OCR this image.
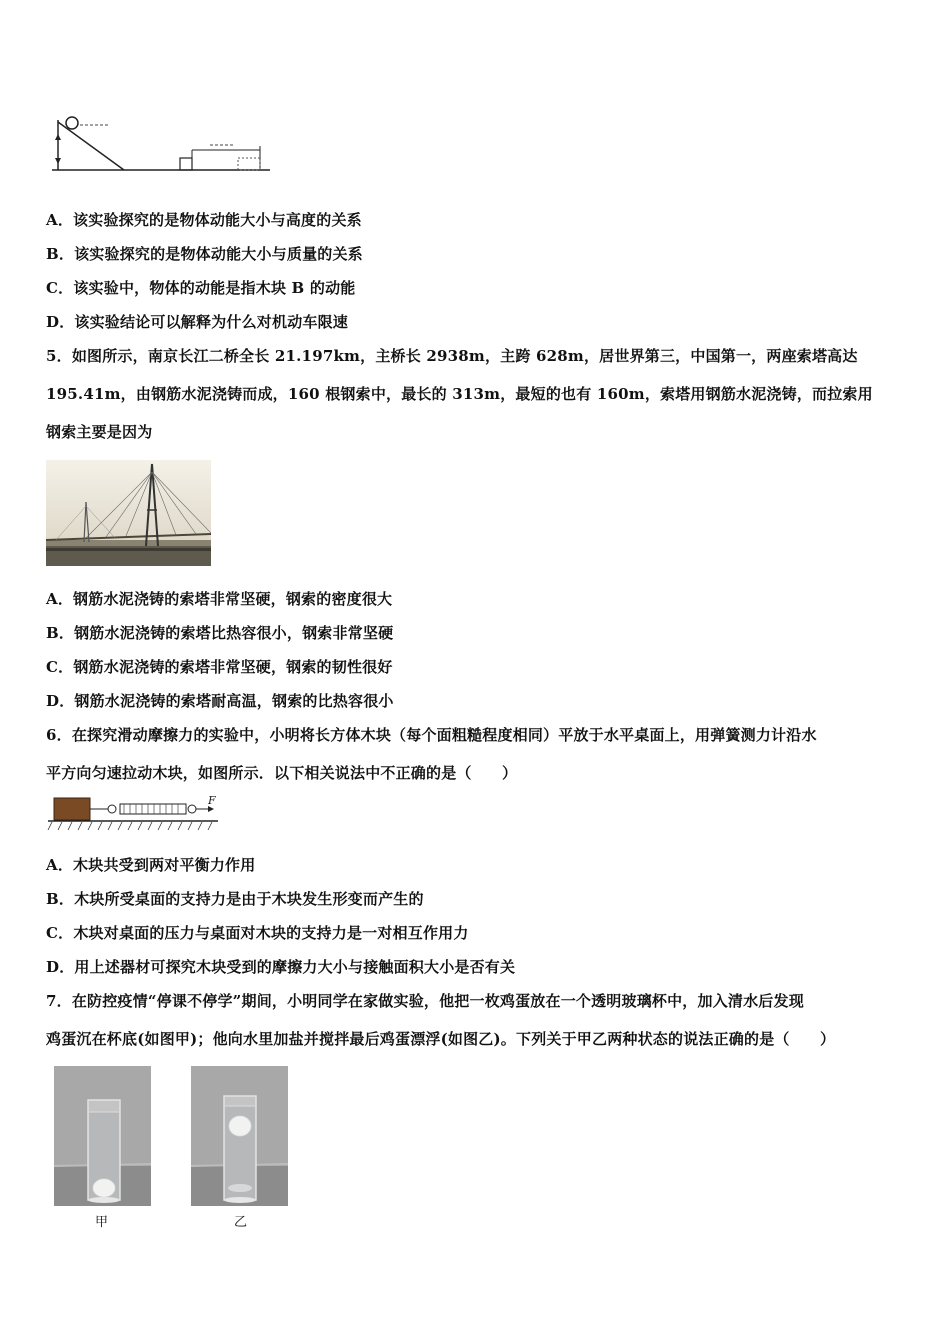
A．该实验探究的是物体动能大小与高度的关系
B．该实验探究的是物体动能大小与质量的关系
C．该实验中，物体的动能是指木块 B 的动能
D．该实验结论可以解释为什么对机动车限速
5．如图所示，南京长江二桥全长 21.197km，主桥长 2938m，主跨 628m，居世界第三，中国第一，两座索塔高达
195.41m，由钢筋水泥浇铸而成，160 根钢索中，最长的 313m，最短的也有 160m，索塔用钢筋水泥浇铸，而拉索用
钢索主要是因为
A．钢筋水泥浇铸的索塔非常坚硬，钢索的密度很大
B．钢筋水泥浇铸的索塔比热容很小，钢索非常坚硬
C．钢筋水泥浇铸的索塔非常坚硬，钢索的韧性很好
D．钢筋水泥浇铸的索塔耐高温，钢索的比热容很小
6．在探究滑动摩擦力的实验中，小明将长方体木块（每个面粗糙程度相同）平放于水平桌面上，用弹簧测力计沿水
平方向匀速拉动木块，如图所示．以下相关说法中不正确的是（　　）
F
A．木块共受到两对平衡力作用
B．木块所受桌面的支持力是由于木块发生形变而产生的
C．木块对桌面的压力与桌面对木块的支持力是一对相互作用力
D．用上述器材可探究木块受到的摩擦力大小与接触面积大小是否有关
7．在防控疫情“停课不停学”期间，小明同学在家做实验，他把一枚鸡蛋放在一个透明玻璃杯中，加入清水后发现
鸡蛋沉在杯底(如图甲)；他向水里加盐并搅拌最后鸡蛋漂浮(如图乙)。下列关于甲乙两种状态的说法正确的是（　　）
甲	乙
